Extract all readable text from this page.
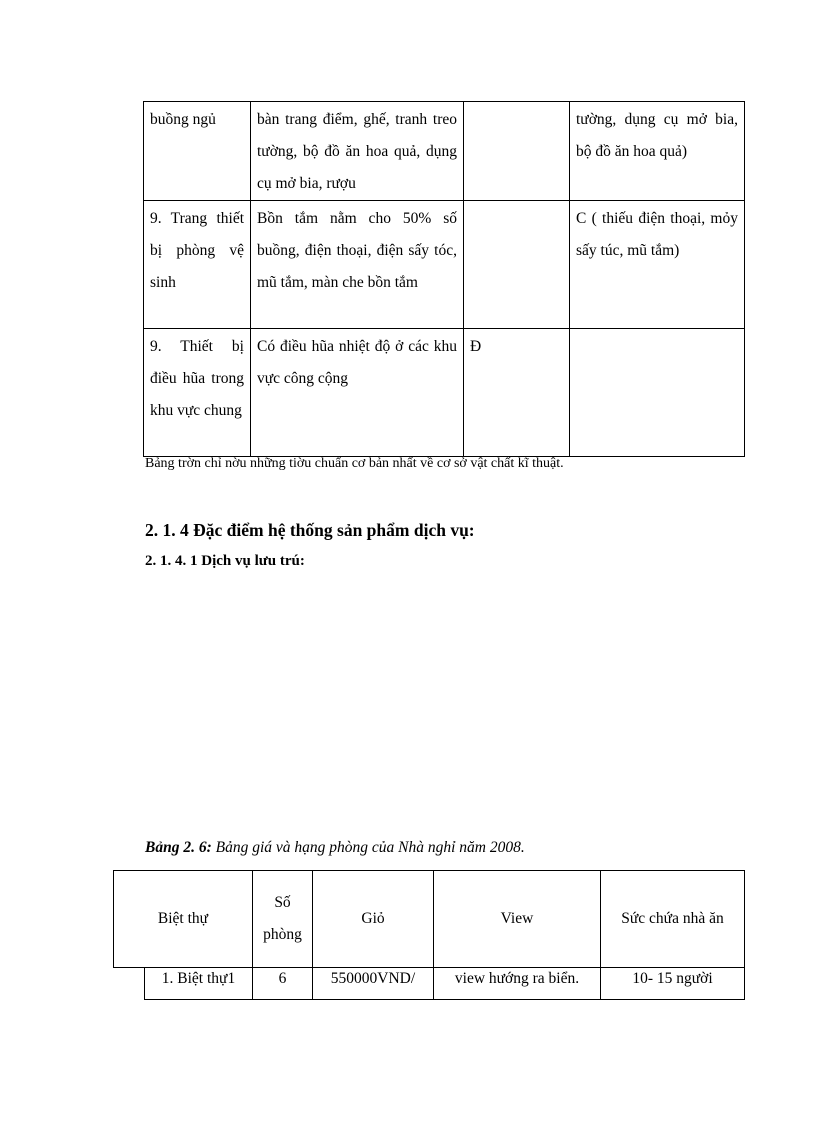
buồng ngủ	bàn trang điểm, ghế, tranh treo tường, bộ đồ ăn hoa quả, dụng cụ mở bia, rượu		tường, dụng cụ mở bia, bộ đồ ăn hoa quả)
9. Trang thiết bị phòng vệ sinh	Bồn tắm nằm cho 50% số buồng, điện thoại, điện sấy tóc, mũ tắm, màn che bồn tắm		C ( thiếu điện thoại, mỏy sấy túc, mũ tắm)
9. Thiết bị điều hũa trong khu vực chung	Có điều hũa nhiệt độ ở các khu vực công cộng	Đ	
Bảng trờn chỉ nờu những tiờu chuẩn cơ bản nhất về cơ sở vật chất kĩ thuật.
2. 1. 4 Đặc điểm hệ thống sản phẩm dịch vụ:
2. 1. 4. 1 Dịch vụ lưu trú:
Bảng 2. 6: Bảng giá và hạng phòng của Nhà nghỉ năm 2008.
Biệt thự		Số phòng	Giỏ	View	Sức chứa nhà ăn
	1. Biệt thự1	6	550000VND/	view hướng ra biển.	10- 15 người
